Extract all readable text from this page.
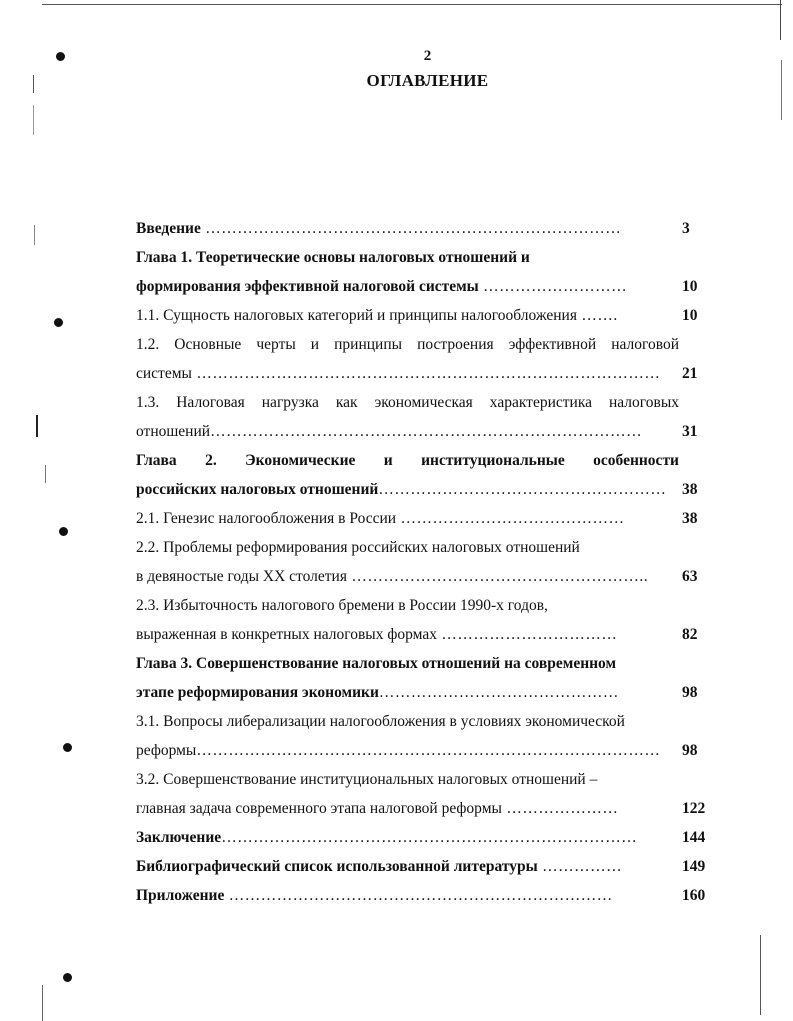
2
ОГЛАВЛЕНИЕ
Введение ……………………………………………………………………	3
Глава 1. Теоретические основы налоговых отношений и
формирования эффективной налоговой системы ………………………	10
1.1. Сущность налоговых категорий и принципы налогообложения …….	10
1.2. Основные черты и принципы построения эффективной налоговой
системы ……………………………………………………………………………	21
1.3. Налоговая нагрузка как экономическая характеристика налоговых
отношений………………………………………………………………………	31
Глава 2. Экономические и институциональные особенности
российских налоговых отношений………………………………………………	38
2.1. Генезис налогообложения в России ……………………………………	38
2.2. Проблемы реформирования российских налоговых отношений
в девяностые годы XX столетия ………………………………………………..	63
2.3. Избыточность налогового бремени в России 1990-х годов,
выраженная в конкретных налоговых формах ……………………………	82
Глава 3. Совершенствование налоговых отношений на современном
этапе реформирования экономики………………………………………	98
3.1. Вопросы либерализации налогообложения в условиях экономической
реформы……………………………………………………………………………	98
3.2. Совершенствование институциональных налоговых отношений –
главная задача современного этапа налоговой реформы …………………	122
Заключение……………………………………………………………………	144
Библиографический список использованной литературы ……………	149
Приложение ………………………………………………………………	160
